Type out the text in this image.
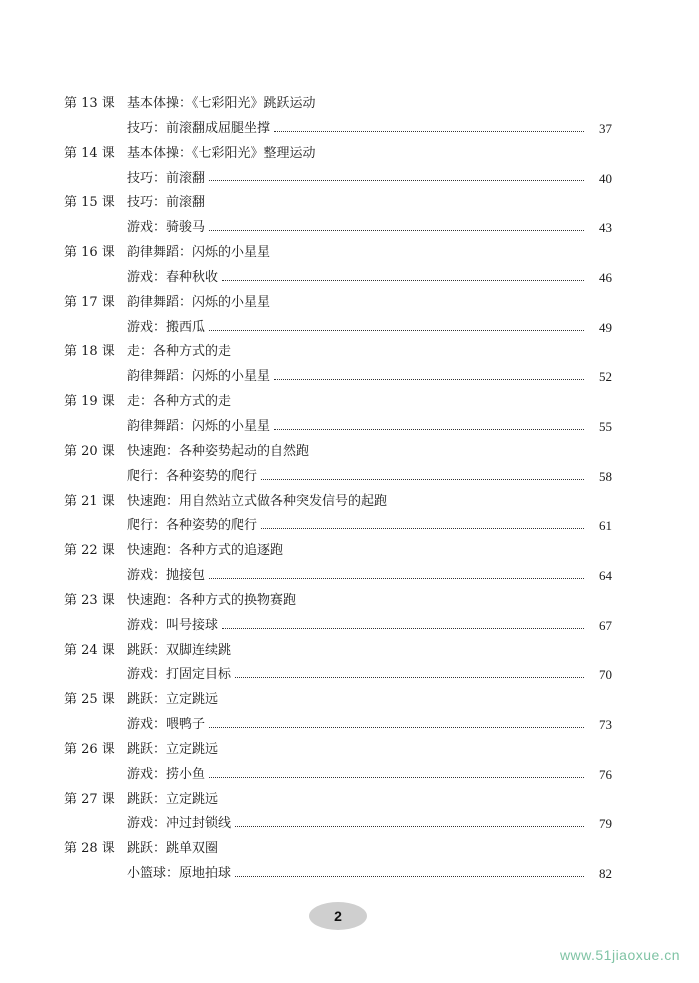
第 13 课 基本体操：《七彩阳光》跳跃运动
技巧：前滚翻成屈腿坐撑	37
第 14 课 基本体操：《七彩阳光》整理运动
技巧：前滚翻	40
第 15 课 技巧：前滚翻
游戏：骑骏马	43
第 16 课 韵律舞蹈：闪烁的小星星
游戏：春种秋收	46
第 17 课 韵律舞蹈：闪烁的小星星
游戏：搬西瓜	49
第 18 课 走：各种方式的走
韵律舞蹈：闪烁的小星星	52
第 19 课 走：各种方式的走
韵律舞蹈：闪烁的小星星	55
第 20 课 快速跑：各种姿势起动的自然跑
爬行：各种姿势的爬行	58
第 21 课 快速跑：用自然站立式做各种突发信号的起跑
爬行：各种姿势的爬行	61
第 22 课 快速跑：各种方式的追逐跑
游戏：抛接包	64
第 23 课 快速跑：各种方式的换物赛跑
游戏：叫号接球	67
第 24 课 跳跃：双脚连续跳
游戏：打固定目标	70
第 25 课 跳跃：立定跳远
游戏：喂鸭子	73
第 26 课 跳跃：立定跳远
游戏：捞小鱼	76
第 27 课 跳跃：立定跳远
游戏：冲过封锁线	79
第 28 课 跳跃：跳单双圈
小篮球：原地拍球	82
2
www.51jiaoxue.cn
